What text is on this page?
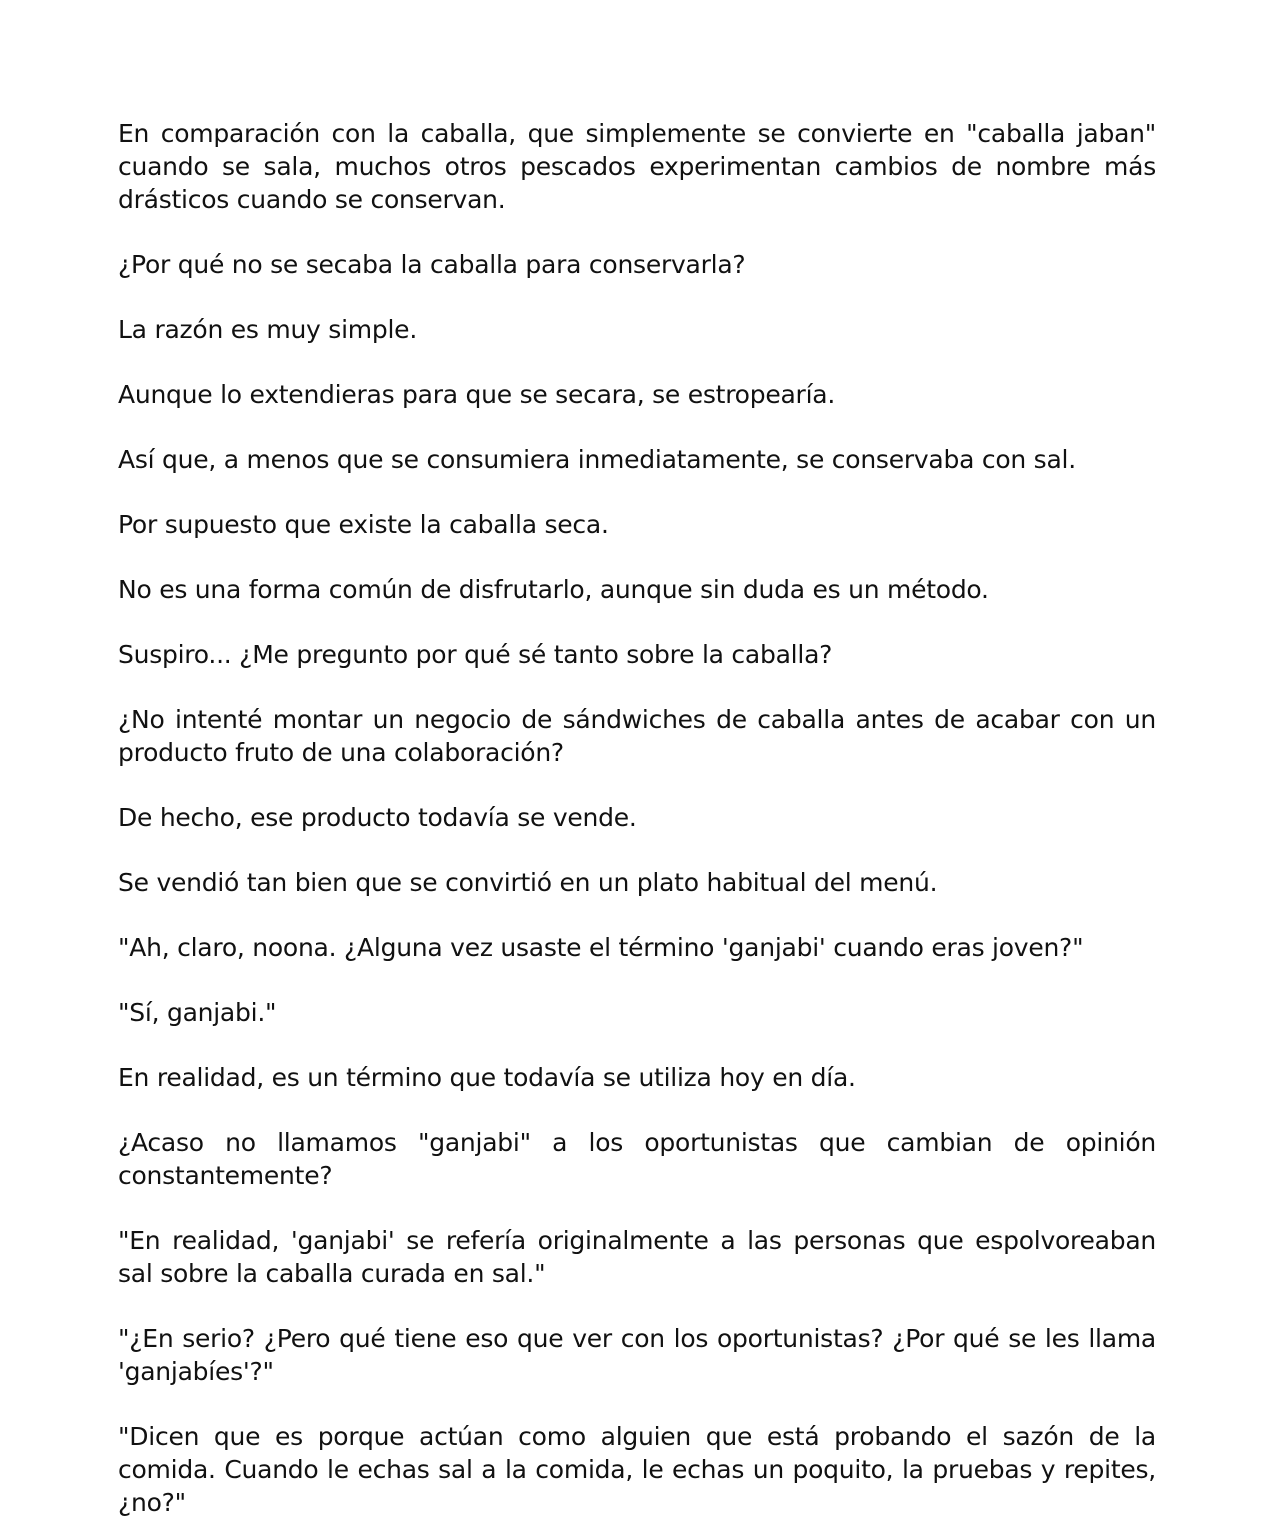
En comparación con la caballa, que simplemente se convierte en "caballa jaban" cuando se sala, muchos otros pescados experimentan cambios de nombre más drásticos cuando se conservan.

¿Por qué no se secaba la caballa para conservarla?

La razón es muy simple.

Aunque lo extendieras para que se secara, se estropearía.

Así que, a menos que se consumiera inmediatamente, se conservaba con sal.

Por supuesto que existe la caballa seca.

No es una forma común de disfrutarlo, aunque sin duda es un método.

Suspiro... ¿Me pregunto por qué sé tanto sobre la caballa?

¿No intenté montar un negocio de sándwiches de caballa antes de acabar con un producto fruto de una colaboración?

De hecho, ese producto todavía se vende.

Se vendió tan bien que se convirtió en un plato habitual del menú.

"Ah, claro, noona. ¿Alguna vez usaste el término 'ganjabi' cuando eras joven?"

"Sí, ganjabi."

En realidad, es un término que todavía se utiliza hoy en día.

¿Acaso no llamamos "ganjabi" a los oportunistas que cambian de opinión constantemente?

"En realidad, 'ganjabi' se refería originalmente a las personas que espolvoreaban sal sobre la caballa curada en sal."

"¿En serio? ¿Pero qué tiene eso que ver con los oportunistas? ¿Por qué se les llama 'ganjabíes'?"

"Dicen que es porque actúan como alguien que está probando el sazón de la comida. Cuando le echas sal a la comida, le echas un poquito, la pruebas y repites, ¿no?"
